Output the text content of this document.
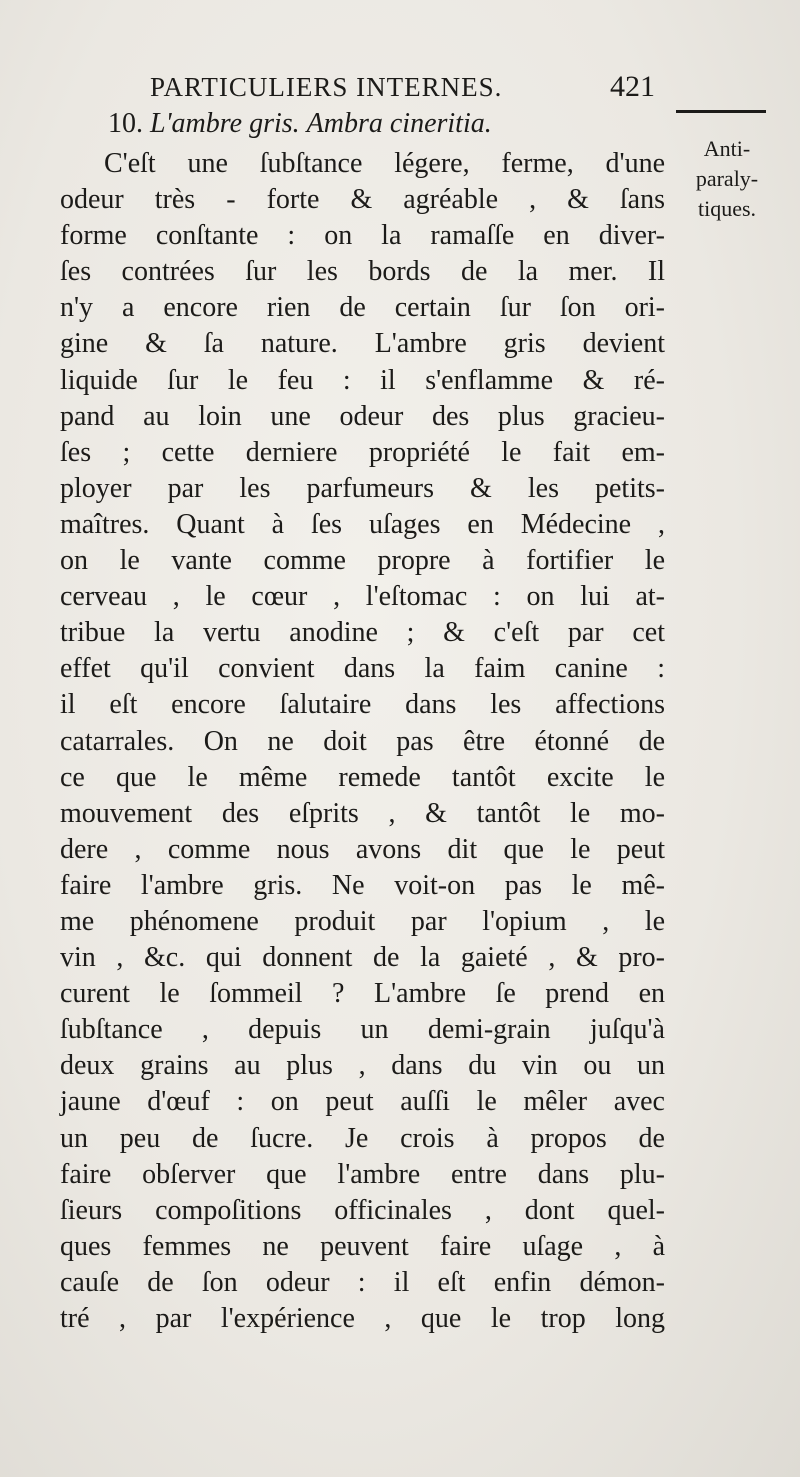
PARTICULIERS INTERNES.	421
Anti-
paraly-
tiques.
10. L'ambre gris. Ambra cineritia.
C'eſt une ſubſtance légere, ferme, d'une
odeur très - forte & agréable , & ſans
forme conſtante : on la ramaſſe en diver-
ſes contrées ſur les bords de la mer. Il
n'y a encore rien de certain ſur ſon ori-
gine & ſa nature. L'ambre gris devient
liquide ſur le feu : il s'enflamme & ré-
pand au loin une odeur des plus gracieu-
ſes ; cette derniere propriété le fait em-
ployer par les parfumeurs & les petits-
maîtres. Quant à ſes uſages en Médecine ,
on le vante comme propre à fortifier le
cerveau , le cœur , l'eſtomac : on lui at-
tribue la vertu anodine ; & c'eſt par cet
effet qu'il convient dans la faim canine :
il eſt encore ſalutaire dans les affections
catarrales. On ne doit pas être étonné de
ce que le même remede tantôt excite le
mouvement des eſprits , & tantôt le mo-
dere , comme nous avons dit que le peut
faire l'ambre gris. Ne voit-on pas le mê-
me phénomene produit par l'opium , le
vin , &c. qui donnent de la gaieté , & pro-
curent le ſommeil ? L'ambre ſe prend en
ſubſtance , depuis un demi-grain juſqu'à
deux grains au plus , dans du vin ou un
jaune d'œuf : on peut auſſi le mêler avec
un peu de ſucre. Je crois à propos de
faire obſerver que l'ambre entre dans plu-
ſieurs compoſitions officinales , dont quel-
ques femmes ne peuvent faire uſage , à
cauſe de ſon odeur : il eſt enfin démon-
tré , par l'expérience , que le trop long
